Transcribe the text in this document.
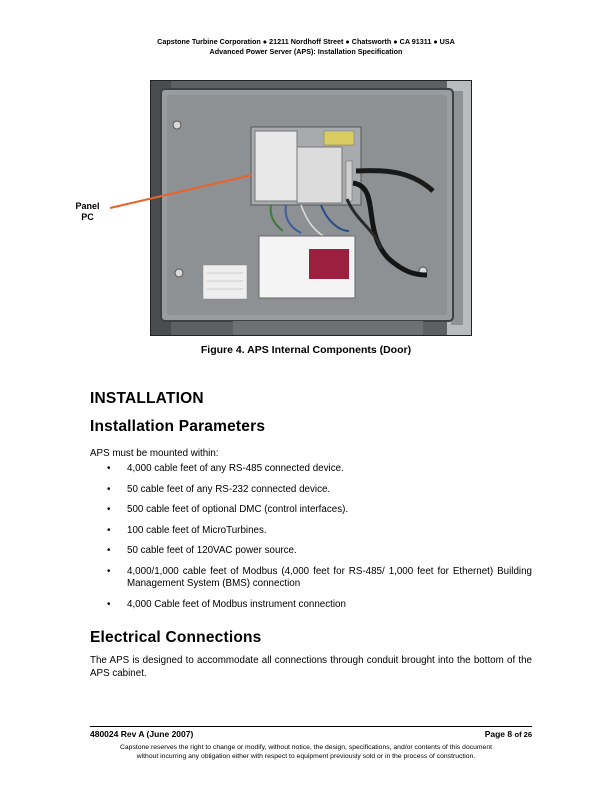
Capstone Turbine Corporation ● 21211 Nordhoff Street ● Chatsworth ● CA 91311 ● USA
Advanced Power Server (APS): Installation Specification
Panel
PC
Figure 4. APS Internal Components (Door)
INSTALLATION
Installation Parameters
APS must be mounted within:
• 4,000 cable feet of any RS-485 connected device.
• 50 cable feet of any RS-232 connected device.
• 500 cable feet of optional DMC (control interfaces).
• 100 cable feet of MicroTurbines.
• 50 cable feet of 120VAC power source.
• 4,000/1,000 cable feet of Modbus (4,000 feet for RS-485/ 1,000 feet for Ethernet) Building Management System (BMS) connection
• 4,000 Cable feet of Modbus instrument connection
Electrical Connections
The APS is designed to accommodate all connections through conduit brought into the bottom of the APS cabinet.
480024 Rev A (June 2007)	Page 8 of 26
Capstone reserves the right to change or modify, without notice, the design, specifications, and/or contents of this document
without incurring any obligation either with respect to equipment previously sold or in the process of construction.
